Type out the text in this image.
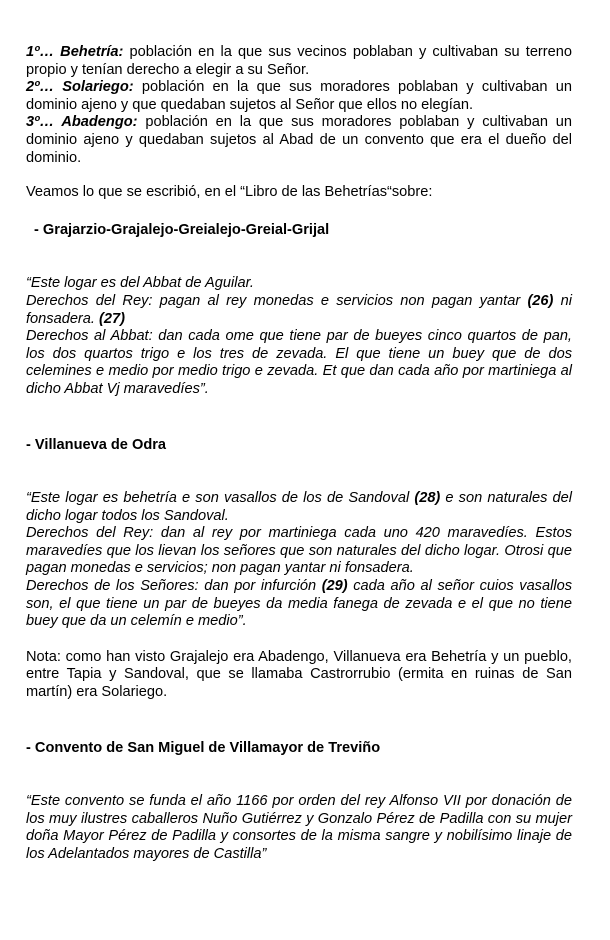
1º… Behetría: población en la que sus vecinos poblaban y cultivaban su terreno propio y tenían derecho a elegir a su Señor.

2º… Solariego: población en la que sus moradores poblaban y cultivaban un dominio ajeno y que quedaban sujetos al Señor que ellos no elegían.

3º… Abadengo: población en la que sus moradores poblaban y cultivaban un dominio ajeno y quedaban sujetos al Abad de un convento que era el dueño del dominio.

Veamos lo que se escribió, en el “Libro de las Behetrías“sobre:

- Grajarzio-Grajalejo-Greialejo-Greial-Grijal

“Este logar es del Abbat de Aguilar.

Derechos del Rey: pagan al rey monedas e servicios non pagan yantar (26) ni fonsadera. (27)

Derechos al Abbat: dan cada ome que tiene par de bueyes cinco quartos de pan, los dos quartos trigo e los tres de zevada. El que tiene un buey que de dos celemines e medio por medio trigo e zevada. Et que dan cada año por martiniega al dicho Abbat Vj maravedíes”.

- Villanueva de Odra

“Este logar es behetría e son vasallos de los de Sandoval (28) e son naturales del dicho logar todos los Sandoval.

Derechos del Rey: dan al rey por martiniega cada uno 420 maravedíes. Estos maravedíes que los lievan los señores que son naturales del dicho logar. Otrosi que pagan monedas e servicios; non pagan yantar ni fonsadera.

Derechos de los Señores: dan por infurción (29) cada año al señor cuios vasallos son, el que tiene un par de bueyes da media fanega de zevada e el que no tiene buey que da un celemín e medio”.

Nota: como han visto Grajalejo era Abadengo, Villanueva era Behetría y un pueblo, entre Tapia y Sandoval, que se llamaba Castrorrubio (ermita en ruinas de San martín) era Solariego.

- Convento de San Miguel de Villamayor de Treviño

“Este convento se funda el año 1166 por orden del rey Alfonso VII por donación de los muy ilustres caballeros Nuño Gutiérrez y Gonzalo Pérez de Padilla con su mujer doña Mayor Pérez de Padilla y consortes de la misma sangre y nobilísimo linaje de los Adelantados mayores de Castilla”
